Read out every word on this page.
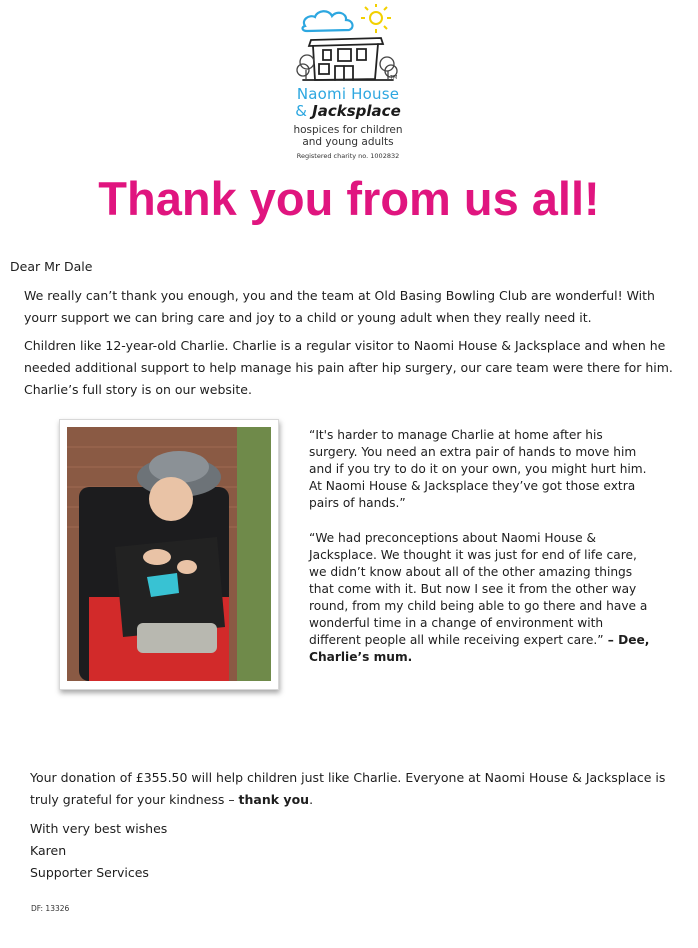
TM
Naomi House
& Jacksplace
hospices for children
and young adults
Registered charity no. 1002832
Thank you from us all!
Dear Mr Dale
We really can’t thank you enough, you and the team at Old Basing Bowling Club are wonderful! With yourr support we can bring care and joy to a child or young adult when they really need it.
Children like 12-year-old Charlie. Charlie is a regular visitor to Naomi House & Jacksplace and when he needed additional support to help manage his pain after hip surgery, our care team were there for him. Charlie’s full story is on our website.
“It's harder to manage Charlie at home after his surgery. You need an extra pair of hands to move him and if you try to do it on your own, you might hurt him. At Naomi House & Jacksplace they’ve got those extra pairs of hands.”
“We had preconceptions about Naomi House & Jacksplace. We thought it was just for end of life care, we didn’t know about all of the other amazing things that come with it. But now I see it from the other way round, from my child being able to go there and have a wonderful time in a change of environment with different people all while receiving expert care.” – Dee, Charlie’s mum.
Your donation of £355.50 will help children just like Charlie. Everyone at Naomi House & Jacksplace is truly grateful for your kindness – thank you.
With very best wishes
Karen
Supporter Services
DF: 13326
